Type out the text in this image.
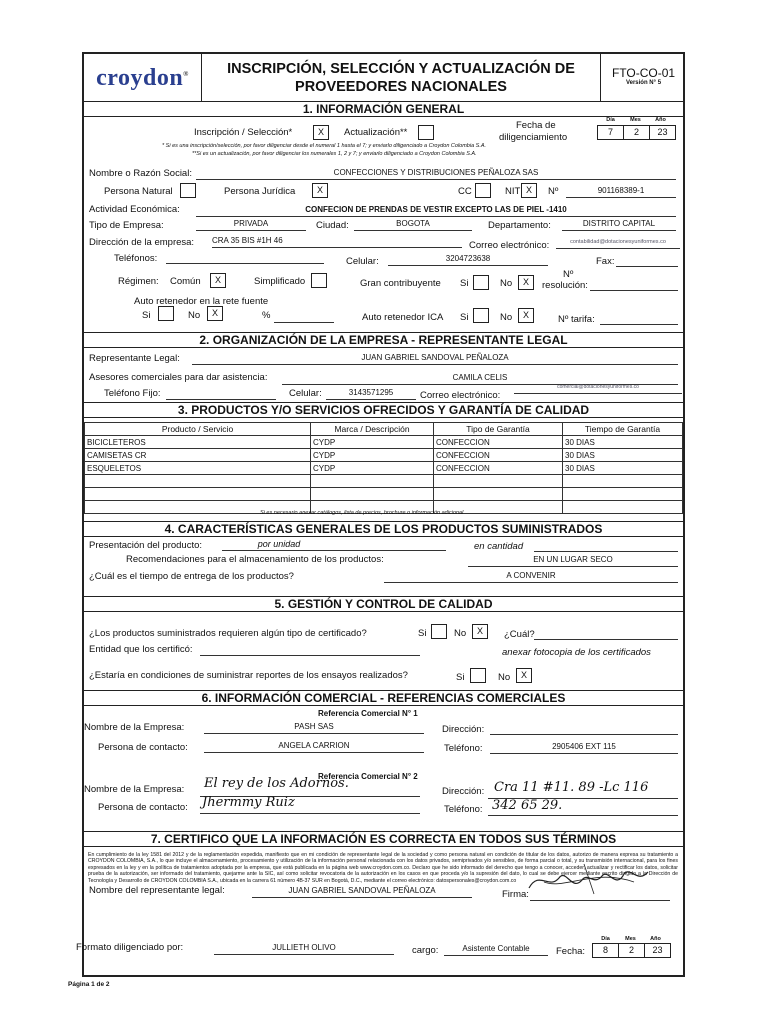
croydon®	INSCRIPCIÓN, SELECCIÓN Y ACTUALIZACIÓN DE
PROVEEDORES NACIONALES
FTO-CO-01
Versión N° 5
1. INFORMACIÓN GENERAL
Inscripción / Selección*	X	Actualización**
Fecha de
diligenciamiento
Día	Mes	Año
7	2	23
* Si es una inscripción/selección, por favor diligenciar desde el numeral 1 hasta el 7; y enviarlo diligenciado a Croydon Colombia S.A.
**Si es un actualización, por favor diligenciar los numerales 1, 2 y 7; y enviarlo diligenciado a Croydon Colombia S.A.
Nombre o Razón Social:	CONFECCIONES Y DISTRIBUCIONES PEÑALOZA SAS
Persona Natural	Persona Jurídica	X	CC	NIT X	Nº	901168389-1
Actividad Económica:	CONFECION DE PRENDAS DE VESTIR EXCEPTO LAS DE PIEL -1410
Tipo de Empresa:	PRIVADA	Ciudad:	BOGOTA	Departamento:	DISTRITO CAPITAL
Dirección de la empresa: CRA 35 BIS #1H 46	Correo electrónico:	contabilidad@dotacionesyuniformes.co
Teléfonos:	Celular:	3204723638	Fax:
Régimen: Común	X	Simplificado	Gran contribuyente Si	No	X
Nº
resolución:
Auto retenedor en la rete fuente
Si	No	X	%	Auto retenedor ICA Si	No	X	Nº tarifa:
2. ORGANIZACIÓN DE LA EMPRESA - REPRESENTANTE LEGAL
Representante Legal:	JUAN GABRIEL SANDOVAL PEÑALOZA
Asesores comerciales para dar asistencia:	CAMILA CELIS
Teléfono Fijo:	Celular:	3143571295	Correo electrónico:
comercial@dotacionesyuniformes.co
3. PRODUCTOS Y/O SERVICIOS OFRECIDOS Y GARANTÍA DE CALIDAD
Producto / Servicio	Marca / Descripción	Tipo de Garantía	Tiempo de Garantía
BICICLETEROS	CYDP	CONFECCION	30 DIAS
CAMISETAS CR	CYDP	CONFECCION	30 DIAS
ESQUELETOS	CYDP	CONFECCION	30 DIAS

Si es necesario anexar catálogos, lista de precios, brochure o información adicional
4. CARACTERÍSTICAS GENERALES DE LOS PRODUCTOS SUMINISTRADOS
Presentación del producto:	por unidad	en cantidad
Recomendaciones para el almacenamiento de los productos:	EN UN LUGAR SECO
¿Cuál es el tiempo de entrega de los productos?	A CONVENIR
5. GESTIÓN Y CONTROL DE CALIDAD
¿Los productos suministrados requieren algún tipo de certificado?	Si	No	X	¿Cuál?
Entidad que los certificó:	anexar fotocopia de los certificados
¿Estaría en condiciones de suministrar reportes de los ensayos realizados?	Si	No	X
6. INFORMACIÓN COMERCIAL - REFERENCIAS COMERCIALES
Referencia Comercial N° 1
Nombre de la Empresa:	PASH SAS	Dirección:
Persona de contacto:	ANGELA CARRION	Teléfono:	2905406 EXT 115
Referencia Comercial N° 2
Nombre de la Empresa: El rey de los Adornos.
Dirección: Cra 11 #11. 89 -Lc 116
Persona de contacto: Jhermmy Ruiz	Teléfono: 342 65 29.
7. CERTIFICO QUE LA INFORMACIÓN ES CORRECTA EN TODOS SUS TÉRMINOS
En cumplimiento de la ley 1581 del 2012 y de la reglamentación expedida, manifiesto que en mi condición de representante legal de la sociedad y como persona natural en condición de titular de los datos, autorizo de manera expresa su tratamiento a CROYDON COLOMBIA, S.A., lo que incluye el almacenamiento, procesamiento y utilización de la información personal relacionada con los datos privados, semiprivados y/o sensibles, de forma parcial o total, y su transmisión internacional, para los fines expresados en la ley y en la política de tratamientos adoptada por la empresa, que está publicada en la página web www.croydon.com.co. Declaro que he sido informado del derecho que tengo a conocer, acceder, actualizar y rectificar los datos, solicitar prueba de la autorización, ser informado del tratamiento, quejarme ante la SIC, así como solicitar revocatoria de la autorización en los casos en que proceda y/o la supresión del dato, lo cual se debe ejercer mediante escrito dirigido a la Dirección de Tecnología y Desarrollo de CROYDON COLOMBIA S.A., ubicada en la carrera 61 número 4B-37 SUR en Bogotá, D.C., mediante el correo electrónico: datospersonales@croydon.com.co
Nombre del representante legal:	JUAN GABRIEL SANDOVAL PEÑALOZA	Firma:
Formato diligenciado por:	JULLIETH OLIVO	cargo:	Asistente Contable	Fecha:
Día	Mes	Año
8	2	23
Página 1 de 2
